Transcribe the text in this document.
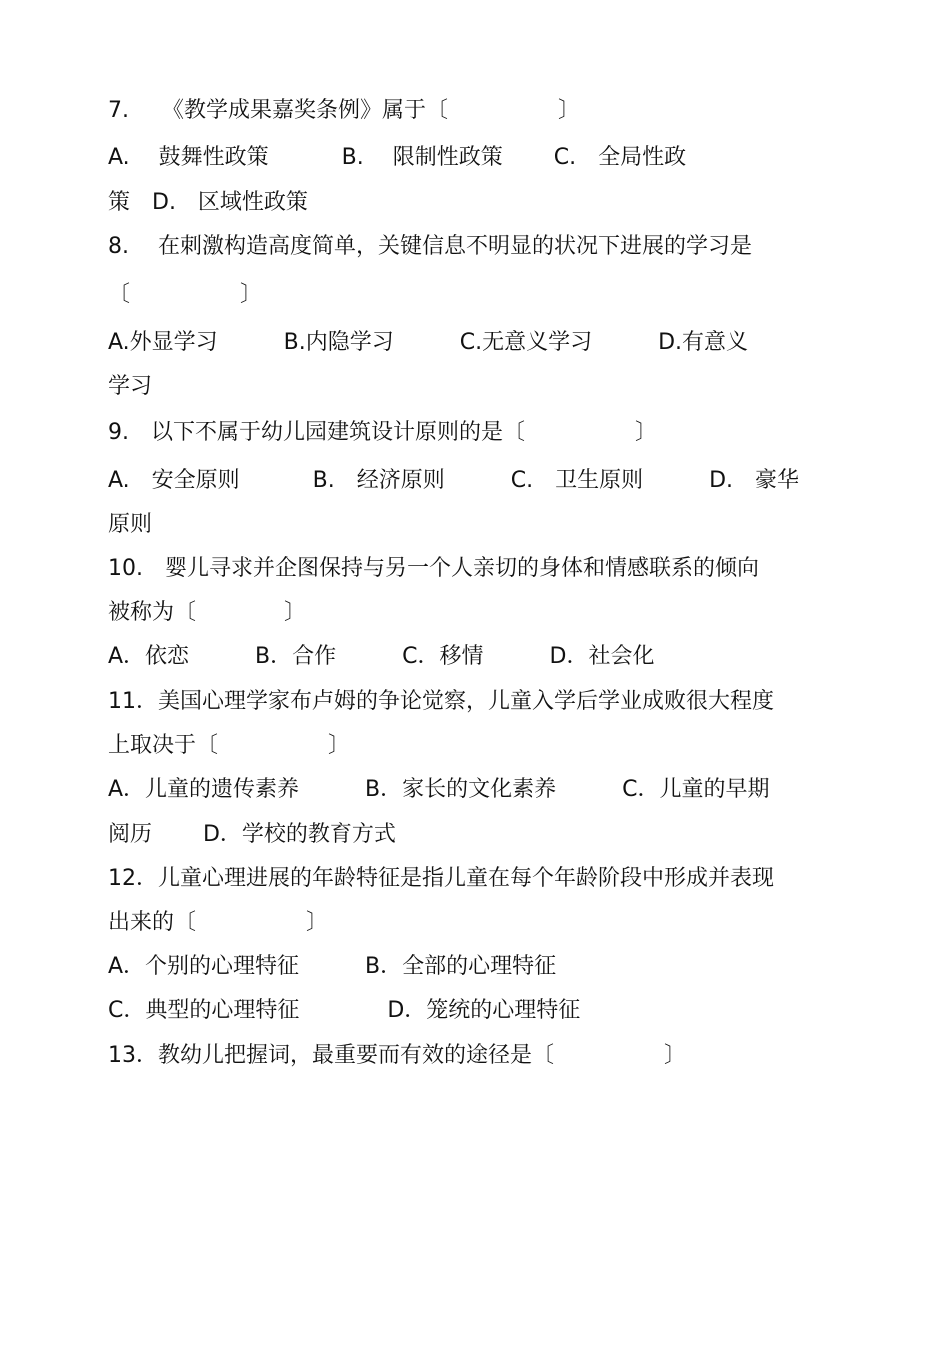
7.　　《教学成果嘉奖条例》属于〔　　　　　〕
A.　 鼓舞性政策　　　 B.　 限制性政策　　 C.　全局性政
策　D.　区域性政策
8.　 在刺激构造高度简单，关键信息不明显的状况下进展的学习是
〔　　　　　〕
A.外显学习　　　B.内隐学习　　　C.无意义学习　　　D.有意义
学习
9.　以下不属于幼儿园建筑设计原则的是〔　　　　　〕
A.　安全原则　　　 B.　经济原则　　　C.　卫生原则　　　D.　豪华
原则
10.　婴儿寻求并企图保持与另一个人亲切的身体和情感联系的倾向
被称为〔　　　　〕
A．依恋　　　B．合作　　　C．移情　　　D．社会化
11．美国心理学家布卢姆的争论觉察，儿童入学后学业成败很大程度
上取决于〔　　　　　〕
A．儿童的遗传素养　　　B．家长的文化素养　　　C．儿童的早期
阅历　　 D．学校的教育方式
12．儿童心理进展的年龄特征是指儿童在每个年龄阶段中形成并表现
出来的〔　　　　　〕
A．个别的心理特征　　　B．全部的心理特征
C．典型的心理特征　　　　D．笼统的心理特征
13．教幼儿把握词，最重要而有效的途径是〔　　　　　〕
